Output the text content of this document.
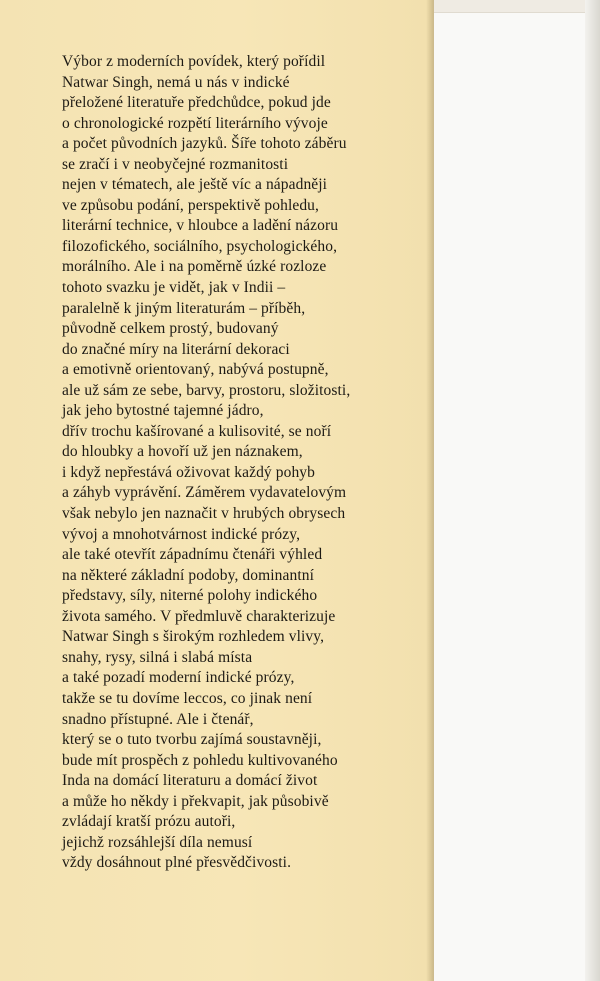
Výbor z moderních povídek, který pořídil
Natwar Singh, nemá u nás v indické
přeložené literatuře předchůdce, pokud jde
o chronologické rozpětí literárního vývoje
a počet původních jazyků. Šíře tohoto záběru
se zračí i v neobyčejné rozmanitosti
nejen v tématech, ale ještě víc a nápadněji
ve způsobu podání, perspektivě pohledu,
literární technice, v hloubce a ladění názoru
filozofického, sociálního, psychologického,
morálního. Ale i na poměrně úzké rozloze
tohoto svazku je vidět, jak v Indii –
paralelně k jiným literaturám – příběh,
původně celkem prostý, budovaný
do značné míry na literární dekoraci
a emotivně orientovaný, nabývá postupně,
ale už sám ze sebe, barvy, prostoru, složitosti,
jak jeho bytostné tajemné jádro,
dřív trochu kašírované a kulisovité, se noří
do hloubky a hovoří už jen náznakem,
i když nepřestává oživovat každý pohyb
a záhyb vyprávění. Záměrem vydavatelovým
však nebylo jen naznačit v hrubých obrysech
vývoj a mnohotvárnost indické prózy,
ale také otevřít západnímu čtenáři výhled
na některé základní podoby, dominantní
představy, síly, niterné polohy indického
života samého. V předmluvě charakterizuje
Natwar Singh s širokým rozhledem vlivy,
snahy, rysy, silná i slabá místa
a také pozadí moderní indické prózy,
takže se tu dovíme leccos, co jinak není
snadno přístupné. Ale i čtenář,
který se o tuto tvorbu zajímá soustavněji,
bude mít prospěch z pohledu kultivovaného
Inda na domácí literaturu a domácí život
a může ho někdy i překvapit, jak působivě
zvládají kratší prózu autoři,
jejichž rozsáhlejší díla nemusí
vždy dosáhnout plné přesvědčivosti.
